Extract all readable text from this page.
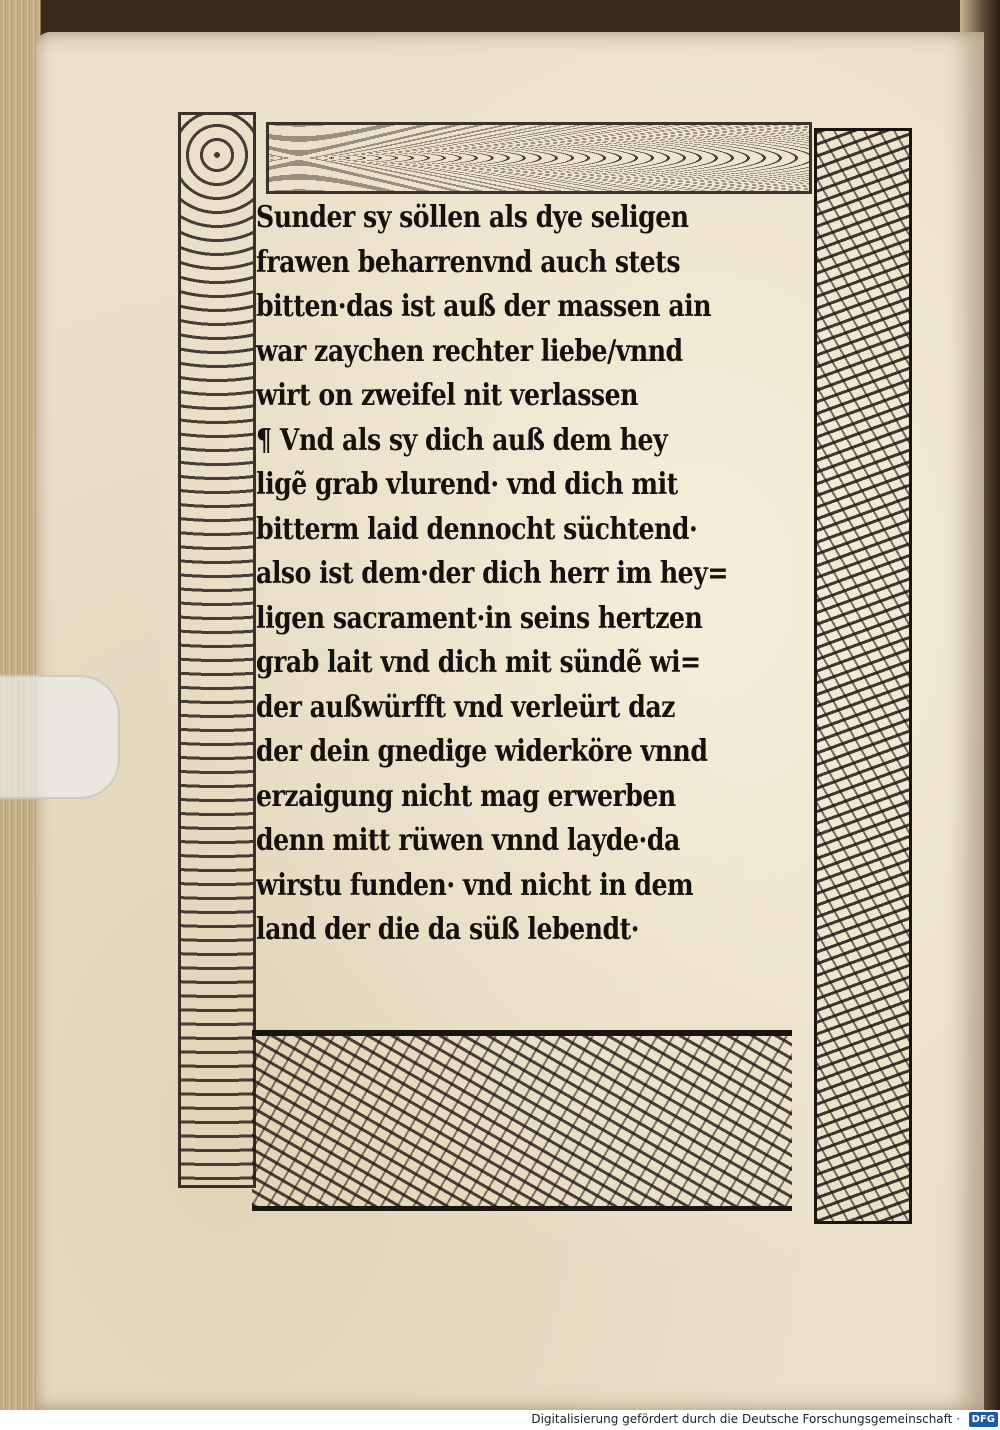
Sunder sy söllen als dye seligen
frawen beharrenvnd auch stets
bitten·das ist auß der massen ain
war zaychen rechter liebe/vnnd
wirt on zweifel nit verlassen
¶ Vnd als sy dich auß dem hey
ligẽ grab vlurend· vnd dich mit
bitterm laid dennocht süchtend·
also ist dem·der dich herr im hey=
ligen sacrament·in seins hertzen
grab lait vnd dich mit sündẽ wi=
der außwürfft vnd verleürt daz
der dein gnedige widerköre vnnd
erzaigung nicht mag erwerben
denn mitt rüwen vnnd layde·da
wirstu funden· vnd nicht in dem
land der die da süß lebendt·
Digitalisierung gefördert durch die Deutsche Forschungsgemeinschaft ·	DFG
